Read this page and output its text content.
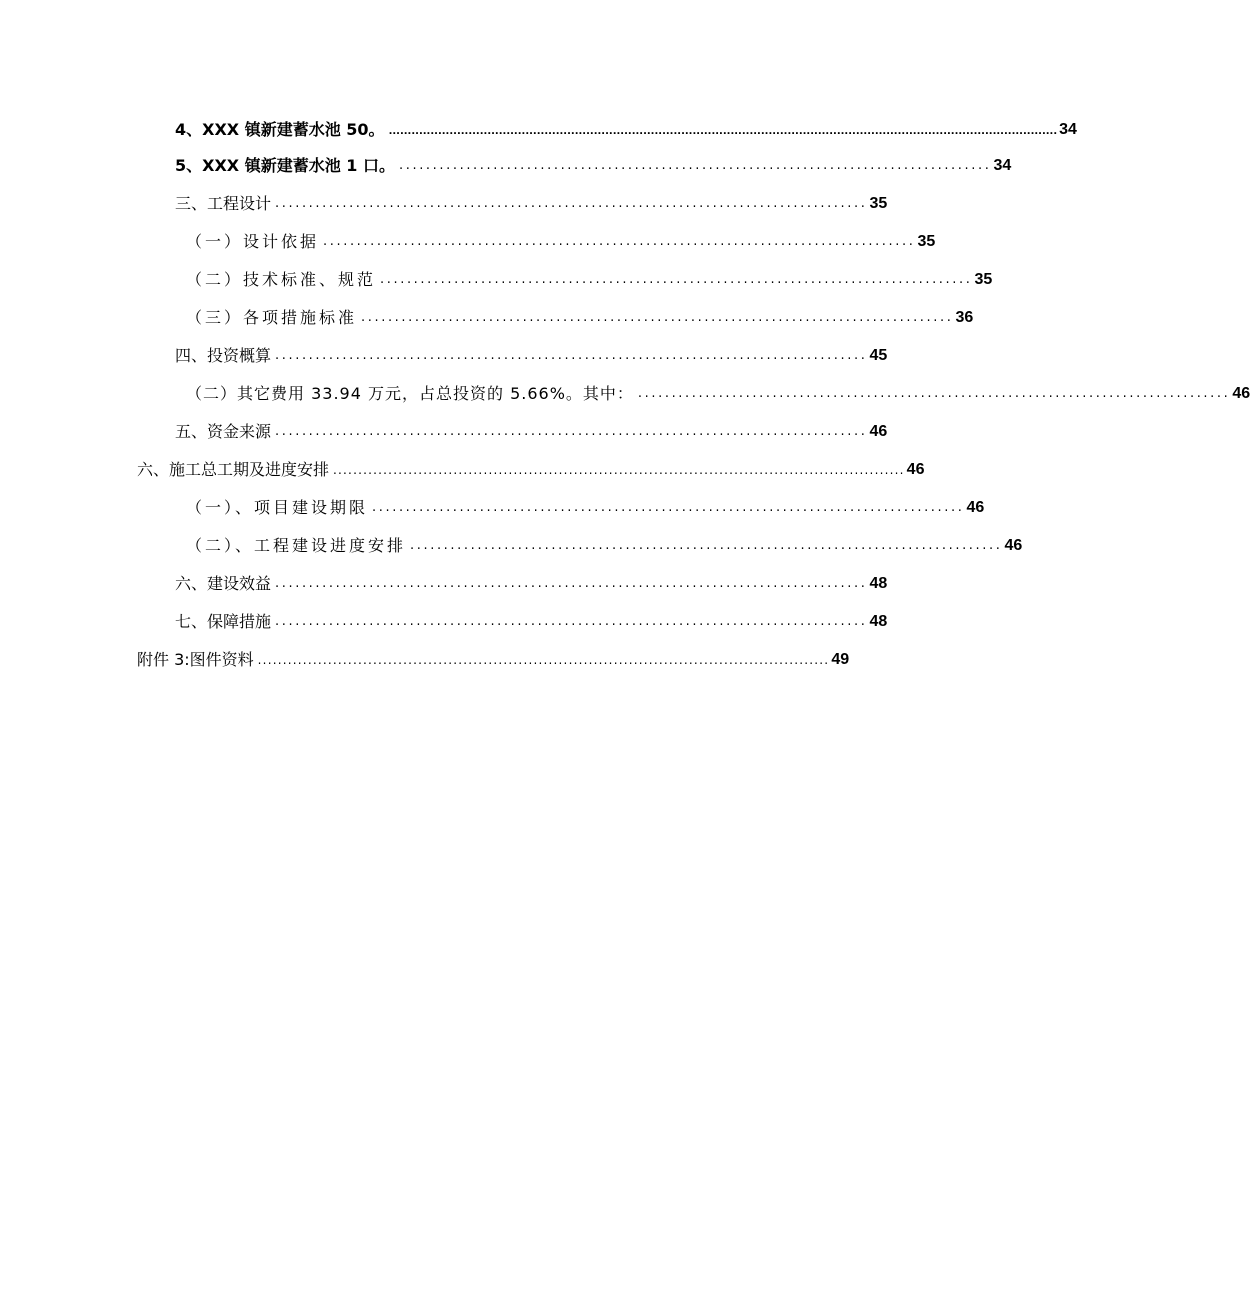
4、XXX 镇新建蓄水池 50。 ................................................................................................................................................................................ 34
5、XXX 镇新建蓄水池 1 口。 ........................................................................................ 34
三、工程设计 ........................................................................................ 35
（一）设计依据 ........................................................................................ 35
（二）技术标准、规范 ........................................................................................ 35
（三）各项措施标准 ........................................................................................ 36
四、投资概算 ........................................................................................ 45
（二）其它费用 33.94 万元，占总投资的 5.66%。其中： ........................................................................................ 46
五、资金来源 ........................................................................................ 46
六、施工总工期及进度安排 .................................................................................................................. 46
（一）、项目建设期限 ........................................................................................ 46
（二）、工程建设进度安排 ........................................................................................ 46
六、建设效益 ........................................................................................ 48
七、保障措施 ........................................................................................ 48
附件 3:图件资料 .................................................................................................................. 49
